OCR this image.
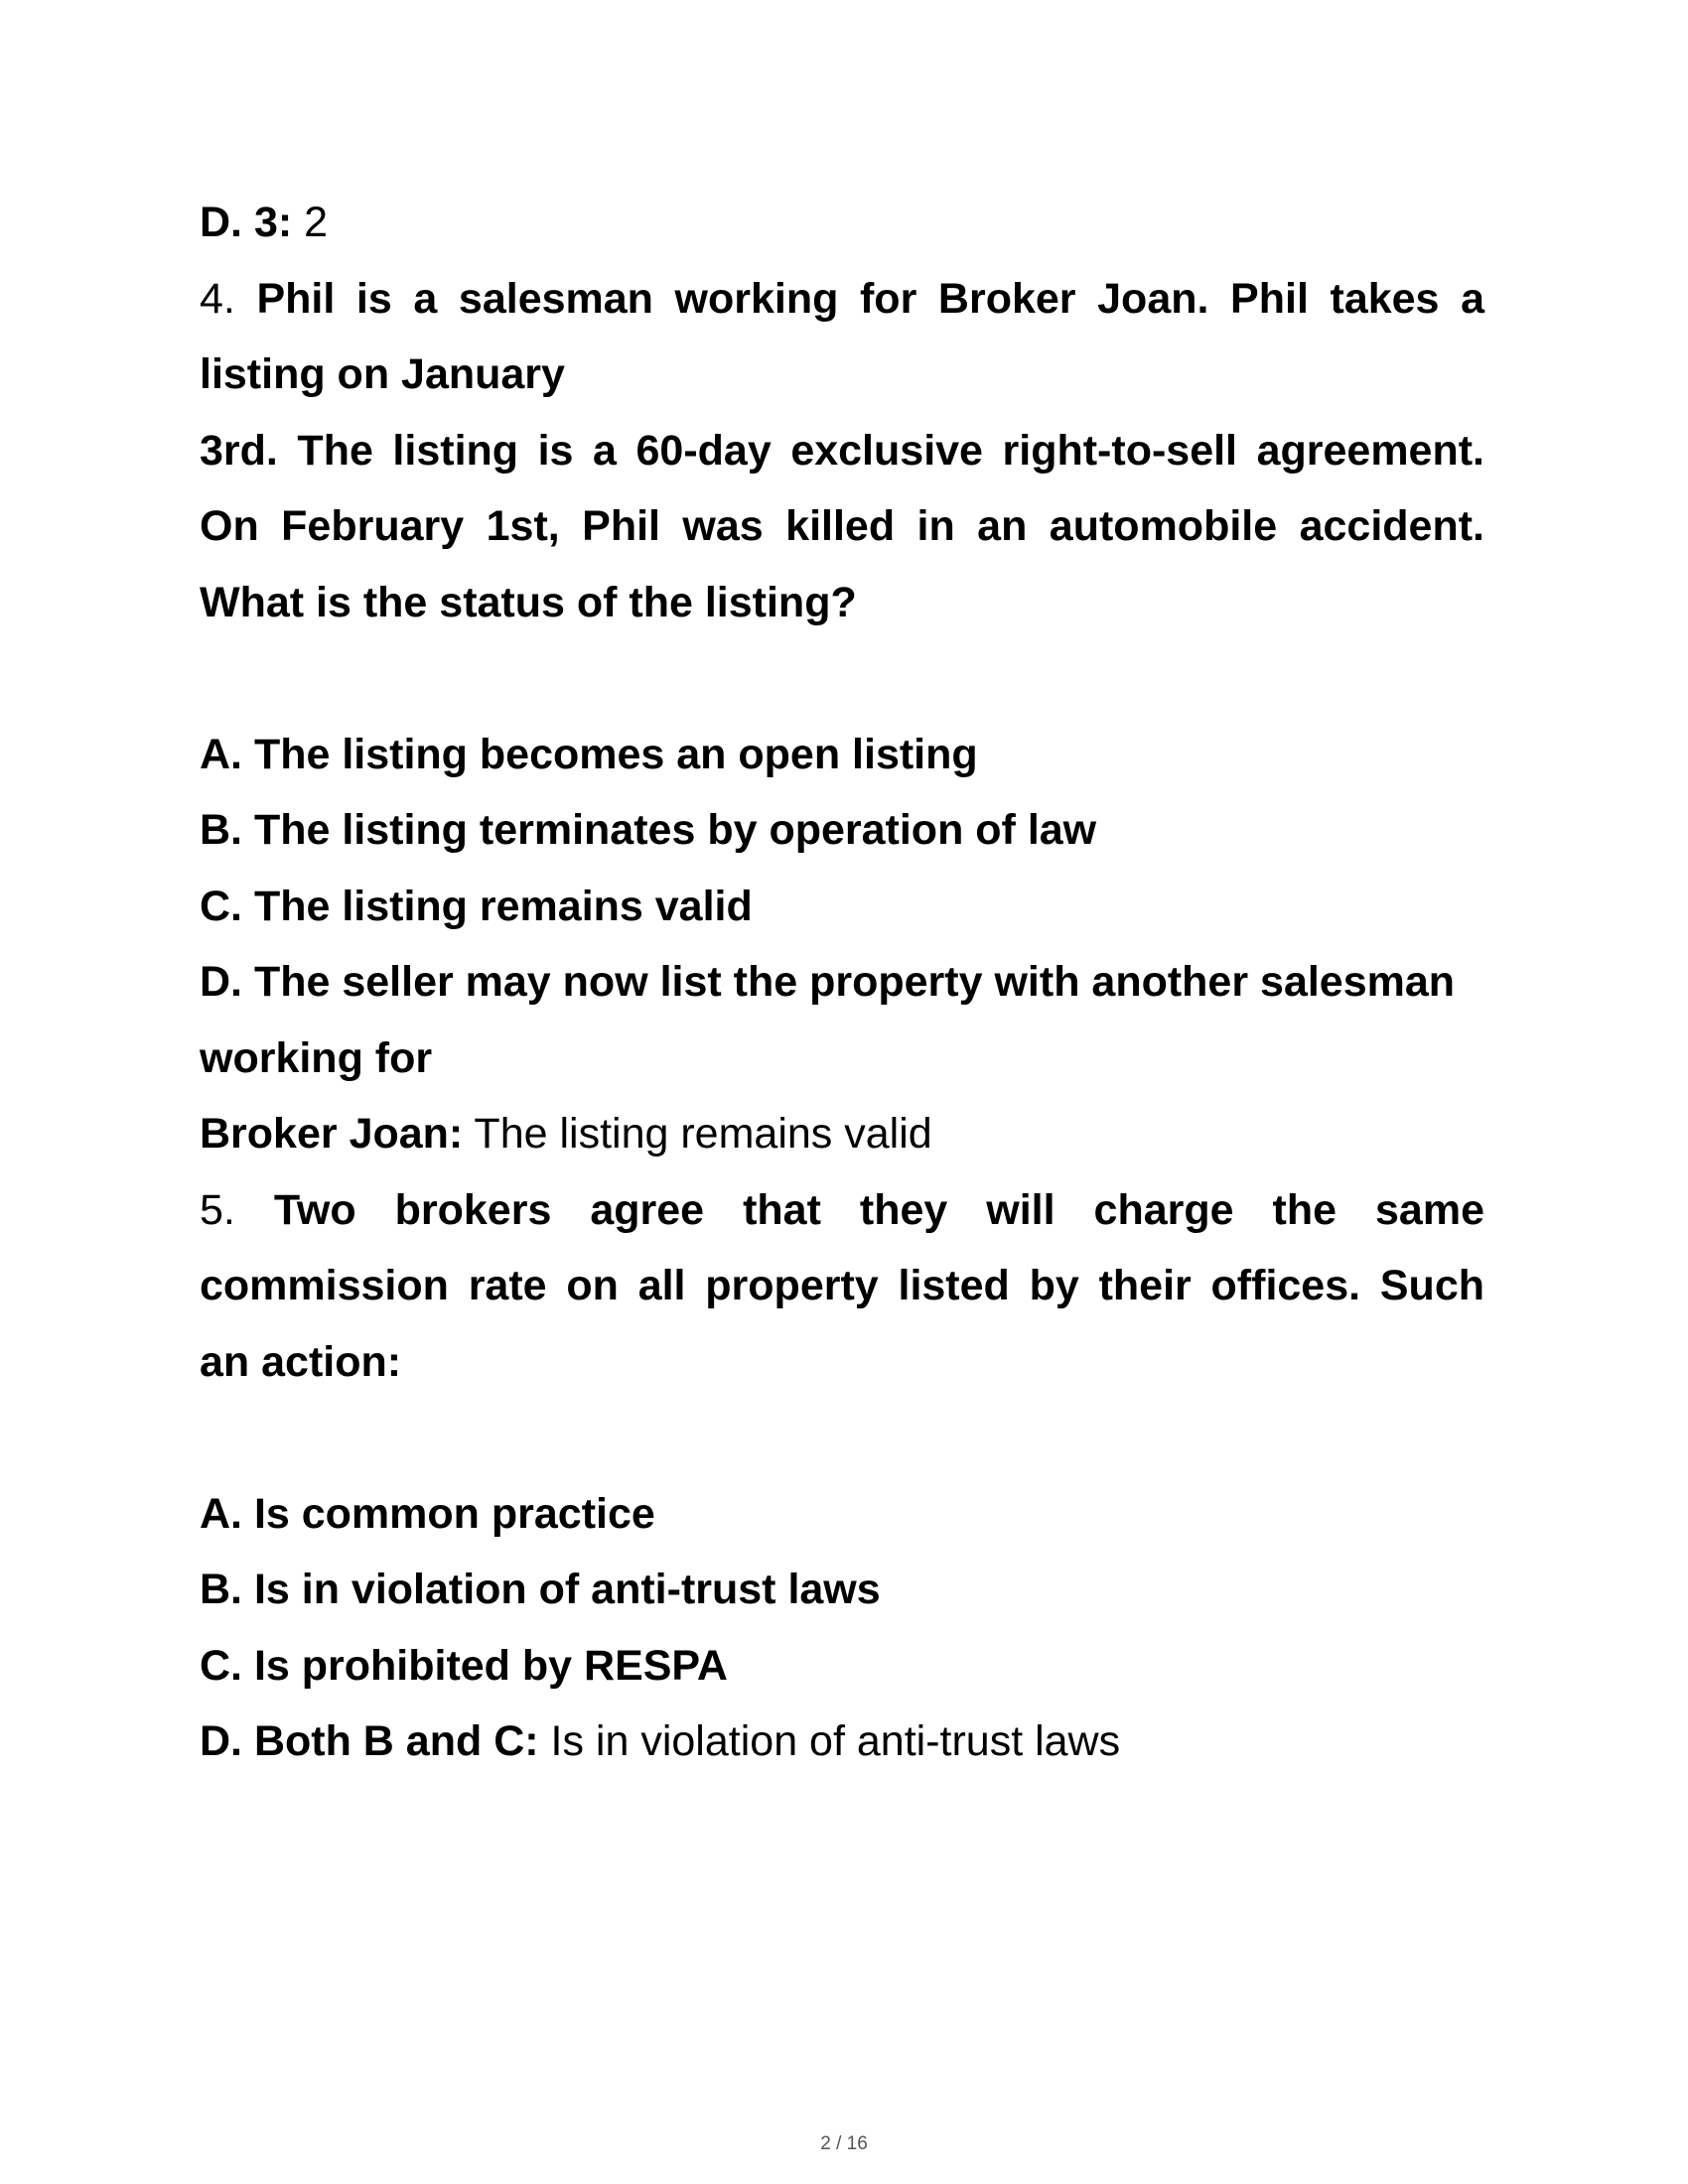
D. 3: 2

4. Phil is a salesman working for Broker Joan. Phil takes a

listing on January

3rd. The listing is a 60-day exclusive right-to-sell agreement.

On February 1st, Phil was killed in an automobile accident.

What is the status of the listing?

A. The listing becomes an open listing

B. The listing terminates by operation of law

C. The listing remains valid

D. The seller may now list the property with another salesman

working for

Broker Joan: The listing remains valid

5. Two brokers agree that they will charge the same

commission rate on all property listed by their offices. Such

an action:

A. Is common practice

B. Is in violation of anti-trust laws

C. Is prohibited by RESPA

D. Both B and C: Is in violation of anti-trust laws

2 / 16
